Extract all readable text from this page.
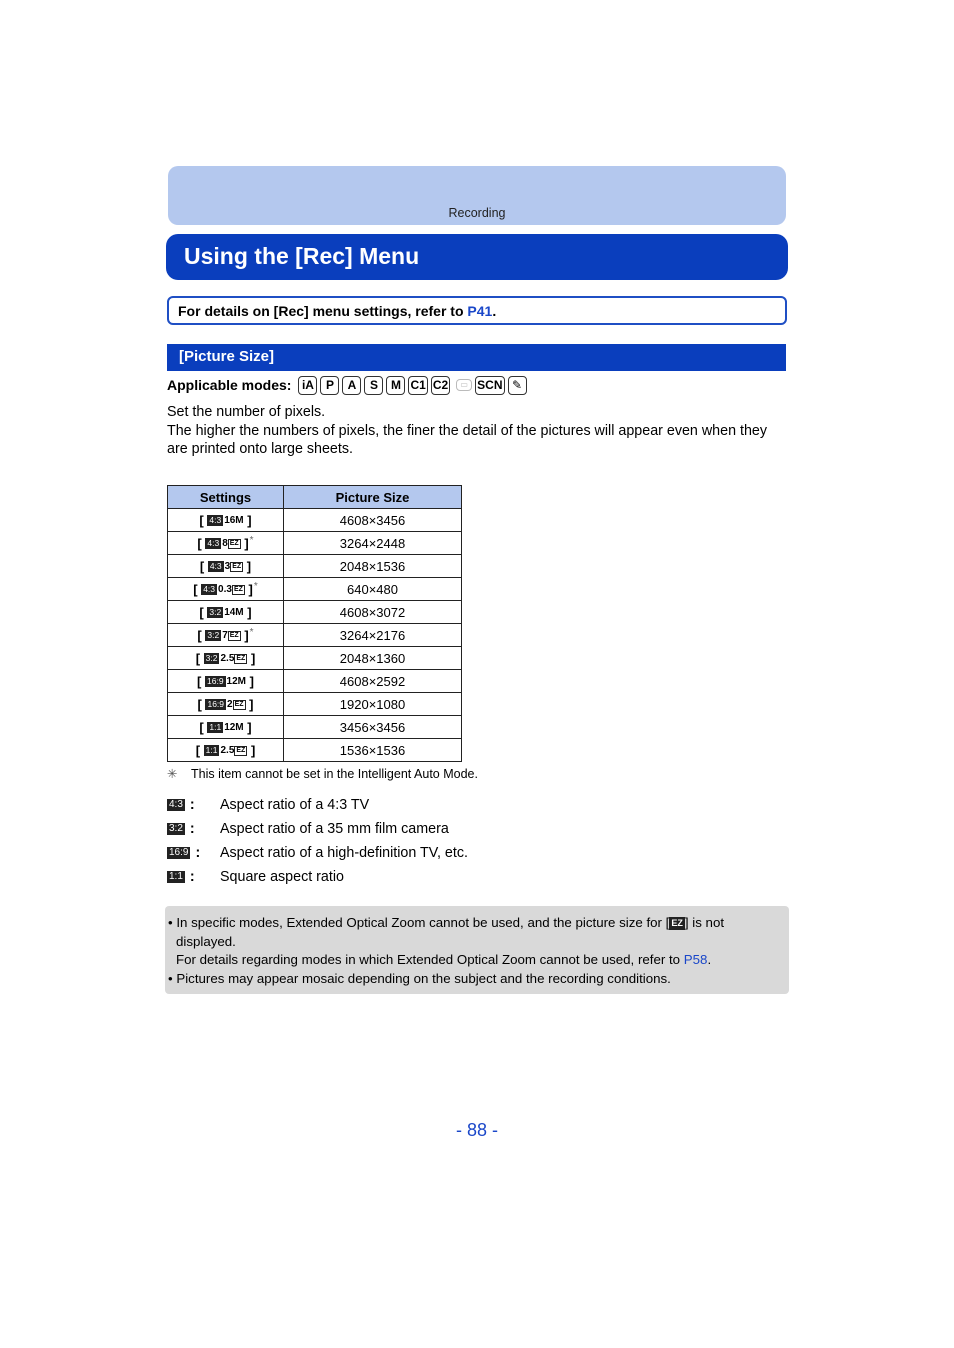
Recording
Using the [Rec] Menu
For details on [Rec] menu settings, refer to P41.
[Picture Size]
Applicable modes: iA P	A	S	M C1 C2	▭ SCN ✎
Set the number of pixels.
The higher the numbers of pixels, the finer the detail of the pictures will appear even when they are printed onto large sheets.
Settings	Picture Size
[ 4:3 16M ]	4608×3456
[ 4:3 8 EZ ]*	3264×2448
[ 4:3 3 EZ ]	2048×1536
[ 4:3 0.3 EZ ]*	640×480
[ 3:2 14M ]	4608×3072
[ 3:2 7 EZ ]*	3264×2176
[ 3:2 2.5 EZ ]	2048×1360
[ 16:9 12M ]	4608×2592
[ 16:9 2 EZ ]	1920×1080
[ 1:1 12M ]	3456×3456
[ 1:1 2.5 EZ ]	1536×1536
✳ This item cannot be set in the Intelligent Auto Mode.
4:3 : Aspect ratio of a 4:3 TV
3:2 : Aspect ratio of a 35 mm film camera
16:9 : Aspect ratio of a high-definition TV, etc.
1:1 : Square aspect ratio
• In specific modes, Extended Optical Zoom cannot be used, and the picture size for [ EZ ] is not
displayed.
For details regarding modes in which Extended Optical Zoom cannot be used, refer to P58.
• Pictures may appear mosaic depending on the subject and the recording conditions.
- 88 -
